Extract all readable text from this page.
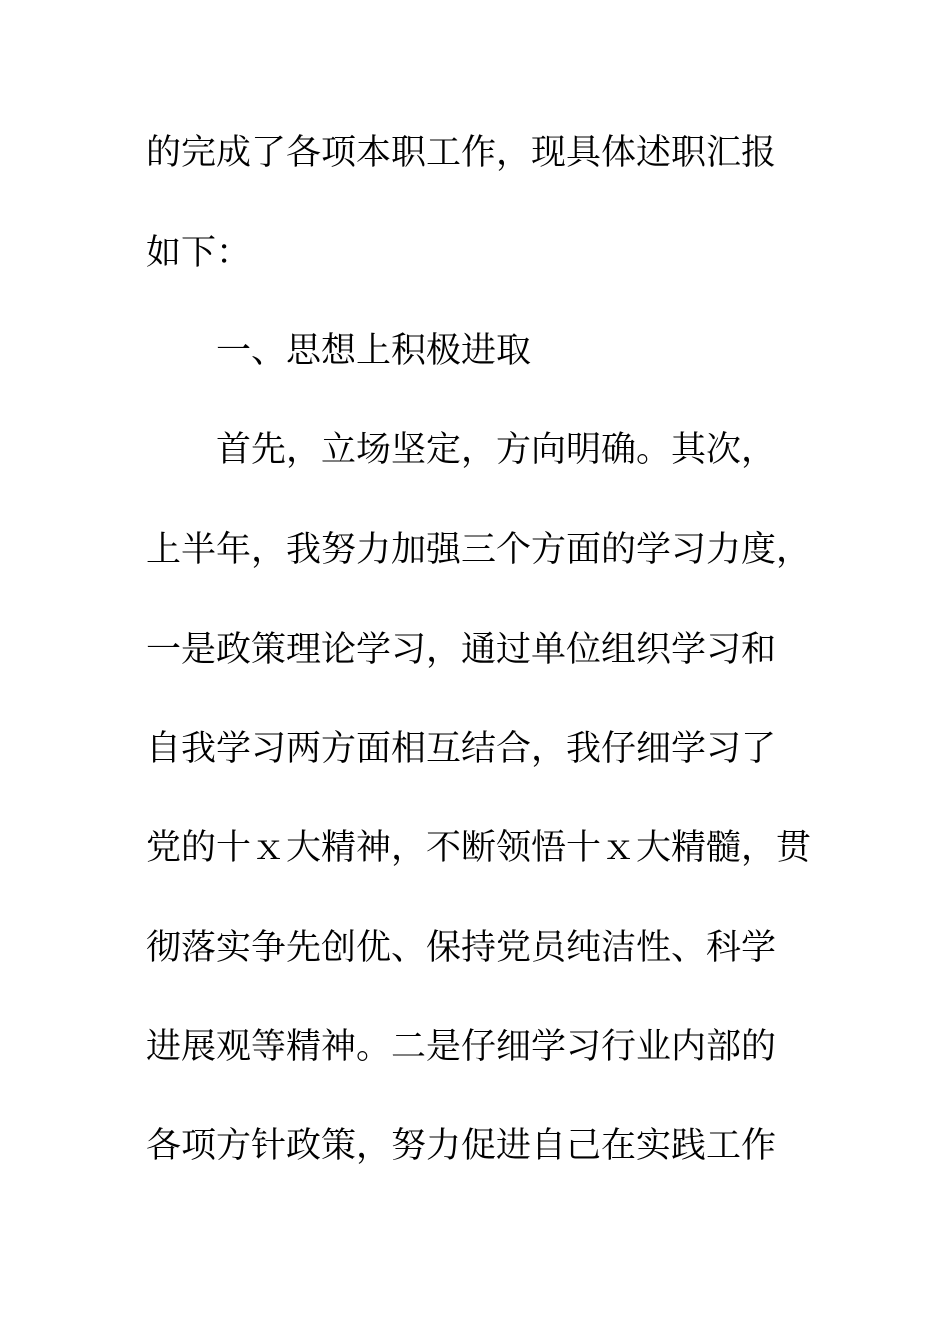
的完成了各项本职工作，现具体述职汇报
如下：
一、思想上积极进取
首先，立场坚定，方向明确。其次，
上半年，我努力加强三个方面的学习力度，
一是政策理论学习，通过单位组织学习和
自我学习两方面相互结合，我仔细学习了
党的十ｘ大精神，不断领悟十ｘ大精髓，贯
彻落实争先创优、保持党员纯洁性、科学
进展观等精神。二是仔细学习行业内部的
各项方针政策，努力促进自己在实践工作
